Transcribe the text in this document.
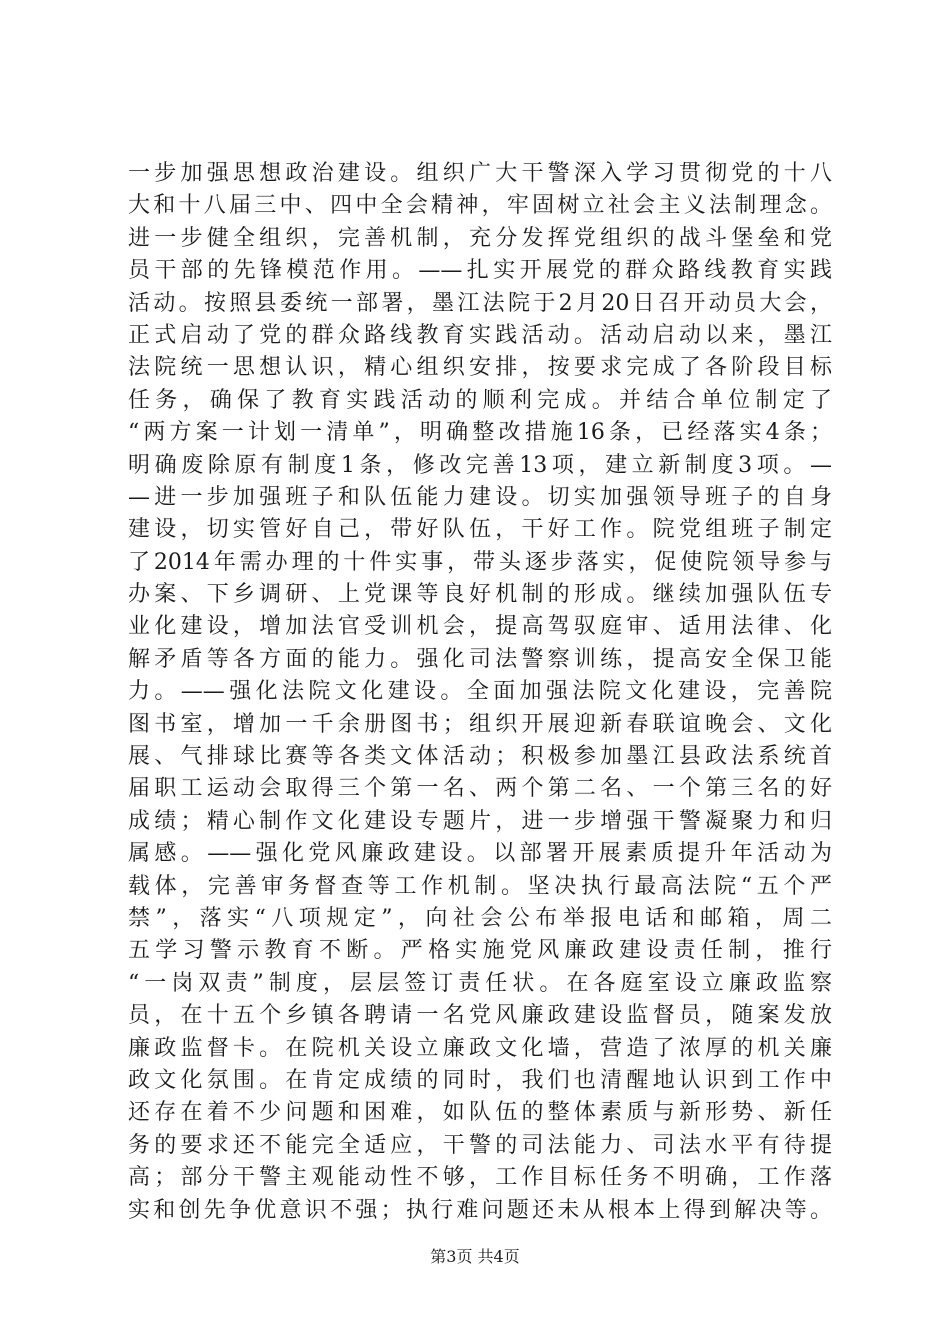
一步加强思想政治建设。组织广大干警深入学习贯彻党的十八
大和十八届三中、四中全会精神，牢固树立社会主义法制理念。
进一步健全组织，完善机制，充分发挥党组织的战斗堡垒和党
员干部的先锋模范作用。——扎实开展党的群众路线教育实践
活动。按照县委统一部署，墨江法院于2月20日召开动员大会，
正式启动了党的群众路线教育实践活动。活动启动以来，墨江
法院统一思想认识，精心组织安排，按要求完成了各阶段目标
任务，确保了教育实践活动的顺利完成。并结合单位制定了
“两方案一计划一清单”，明确整改措施16条，已经落实4条；
明确废除原有制度1条，修改完善13项，建立新制度3项。—
—进一步加强班子和队伍能力建设。切实加强领导班子的自身
建设，切实管好自己，带好队伍，干好工作。院党组班子制定
了2014年需办理的十件实事，带头逐步落实，促使院领导参与
办案、下乡调研、上党课等良好机制的形成。继续加强队伍专
业化建设，增加法官受训机会，提高驾驭庭审、适用法律、化
解矛盾等各方面的能力。强化司法警察训练，提高安全保卫能
力。——强化法院文化建设。全面加强法院文化建设，完善院
图书室，增加一千余册图书；组织开展迎新春联谊晚会、文化
展、气排球比赛等各类文体活动；积极参加墨江县政法系统首
届职工运动会取得三个第一名、两个第二名、一个第三名的好
成绩；精心制作文化建设专题片，进一步增强干警凝聚力和归
属感。——强化党风廉政建设。以部署开展素质提升年活动为
载体，完善审务督查等工作机制。坚决执行最高法院“五个严
禁”，落实“八项规定”，向社会公布举报电话和邮箱，周二
五学习警示教育不断。严格实施党风廉政建设责任制，推行
“一岗双责”制度，层层签订责任状。在各庭室设立廉政监察
员，在十五个乡镇各聘请一名党风廉政建设监督员，随案发放
廉政监督卡。在院机关设立廉政文化墙，营造了浓厚的机关廉
政文化氛围。在肯定成绩的同时，我们也清醒地认识到工作中
还存在着不少问题和困难，如队伍的整体素质与新形势、新任
务的要求还不能完全适应，干警的司法能力、司法水平有待提
高；部分干警主观能动性不够，工作目标任务不明确，工作落
实和创先争优意识不强；执行难问题还未从根本上得到解决等。
第3页 共4页
